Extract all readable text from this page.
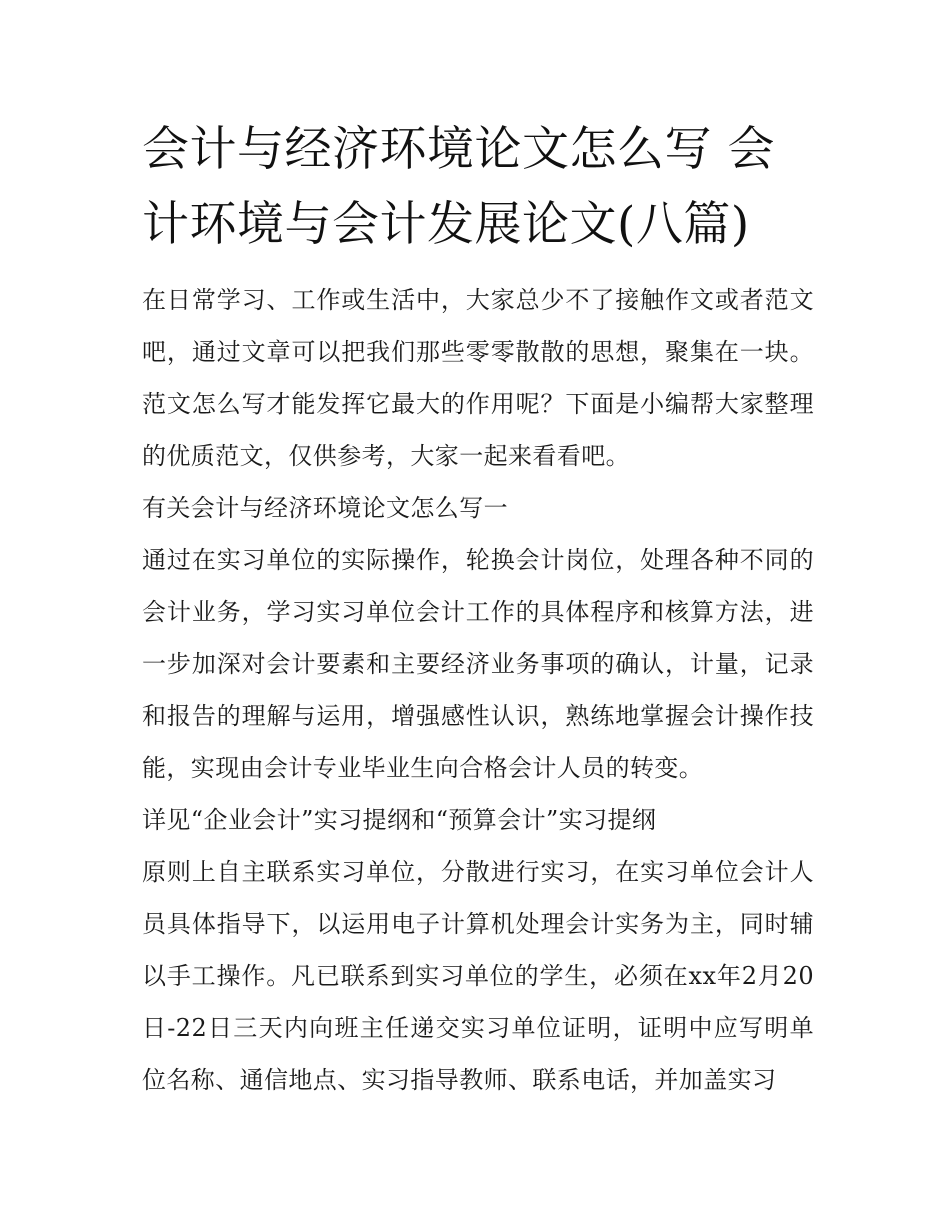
会计与经济环境论文怎么写 会计环境与会计发展论文(八篇)

在日常学习、工作或生活中，大家总少不了接触作文或者范文吧，通过文章可以把我们那些零零散散的思想，聚集在一块。范文怎么写才能发挥它最大的作用呢？下面是小编帮大家整理的优质范文，仅供参考，大家一起来看看吧。

有关会计与经济环境论文怎么写一

通过在实习单位的实际操作，轮换会计岗位，处理各种不同的会计业务，学习实习单位会计工作的具体程序和核算方法，进一步加深对会计要素和主要经济业务事项的确认，计量，记录和报告的理解与运用，增强感性认识，熟练地掌握会计操作技能，实现由会计专业毕业生向合格会计人员的转变。

详见“企业会计”实习提纲和“预算会计”实习提纲

原则上自主联系实习单位，分散进行实习，在实习单位会计人员具体指导下，以运用电子计算机处理会计实务为主，同时辅以手工操作。凡已联系到实习单位的学生，必须在xx年2月20日-22日三天内向班主任递交实习单位证明，证明中应写明单位名称、通信地点、实习指导教师、联系电话，并加盖实习
